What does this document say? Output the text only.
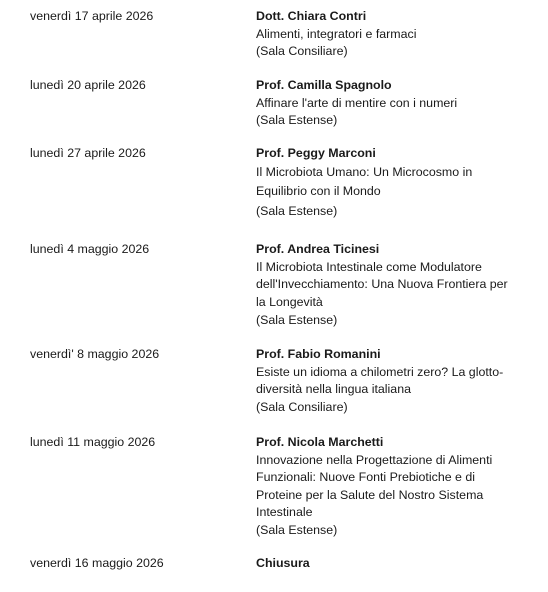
venerdì 17 aprile 2026	Dott. Chiara Contri
Alimenti, integratori e farmaci
(Sala Consiliare)
lunedì 20 aprile 2026	Prof. Camilla Spagnolo
Affinare l'arte di mentire con i numeri
(Sala Estense)
lunedì 27 aprile 2026	Prof. Peggy Marconi
Il Microbiota Umano: Un Microcosmo in
Equilibrio con il Mondo
(Sala Estense)
lunedì 4 maggio 2026	Prof. Andrea Ticinesi
Il Microbiota Intestinale come Modulatore
dell'Invecchiamento: Una Nuova Frontiera per
la Longevità
(Sala Estense)
venerdì' 8 maggio 2026	Prof. Fabio Romanini
Esiste un idioma a chilometri zero? La glotto-
diversità nella lingua italiana
(Sala Consiliare)
lunedì 11 maggio 2026	Prof. Nicola Marchetti
Innovazione nella Progettazione di Alimenti
Funzionali: Nuove Fonti Prebiotiche e di
Proteine per la Salute del Nostro Sistema
Intestinale
(Sala Estense)
venerdì 16 maggio 2026	Chiusura
